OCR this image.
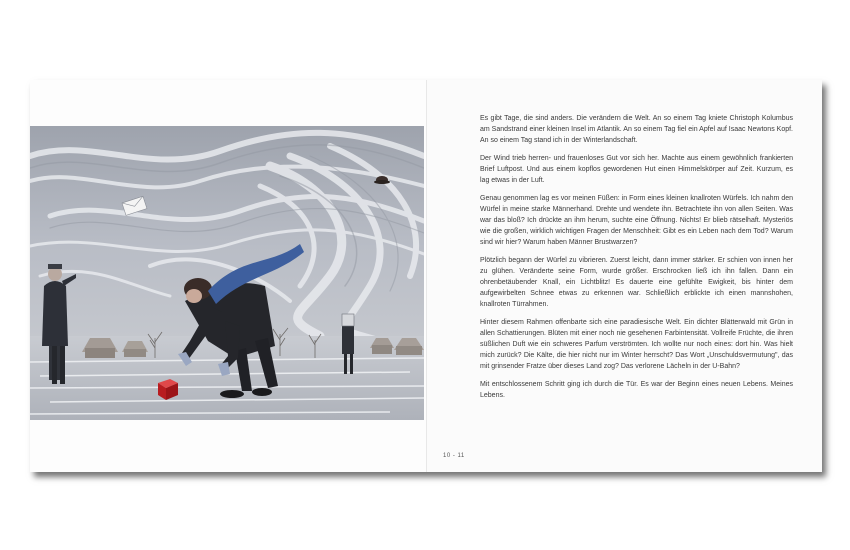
Es gibt Tage, die sind anders. Die verändern die Welt. An so einem Tag kniete Christoph Kolumbus am Sandstrand einer kleinen Insel im Atlantik. An so einem Tag fiel ein Apfel auf Isaac Newtons Kopf. An so einem Tag stand ich in der Winterlandschaft.

Der Wind trieb herren- und frauenloses Gut vor sich her. Machte aus einem gewöhnlich frankierten Brief Luftpost. Und aus einem kopflos gewordenen Hut einen Himmelskörper auf Zeit. Kurzum, es lag etwas in der Luft.

Genau genommen lag es vor meinen Füßen: in Form eines kleinen knallroten Würfels. Ich nahm den Würfel in meine starke Männerhand. Drehte und wendete ihn. Betrachtete ihn von allen Seiten. Was war das bloß? Ich drückte an ihm herum, suchte eine Öffnung. Nichts! Er blieb rätselhaft. Mysteriös wie die großen, wirklich wichtigen Fragen der Menschheit: Gibt es ein Leben nach dem Tod? Warum sind wir hier? Warum haben Männer Brustwarzen?

Plötzlich begann der Würfel zu vibrieren. Zuerst leicht, dann immer stärker. Er schien von innen her zu glühen. Veränderte seine Form, wurde größer. Erschrocken ließ ich ihn fallen. Dann ein ohrenbetäubender Knall, ein Lichtblitz! Es dauerte eine gefühlte Ewigkeit, bis hinter dem aufgewirbelten Schnee etwas zu erkennen war. Schließlich erblickte ich einen mannshohen, knallroten Türrahmen.

Hinter diesem Rahmen offenbarte sich eine paradiesische Welt. Ein dichter Blätterwald mit Grün in allen Schattierungen. Blüten mit einer noch nie gesehenen Farbintensität. Vollreife Früchte, die ihren süßlichen Duft wie ein schweres Parfum verströmten. Ich wollte nur noch eines: dort hin. Was hielt mich zurück? Die Kälte, die hier nicht nur im Winter herrscht? Das Wort „Unschuldsvermutung", das mit grinsender Fratze über dieses Land zog? Das verlorene Lächeln in der U-Bahn?

Mit entschlossenem Schritt ging ich durch die Tür. Es war der Beginn eines neuen Lebens. Meines Lebens.

10 - 11
